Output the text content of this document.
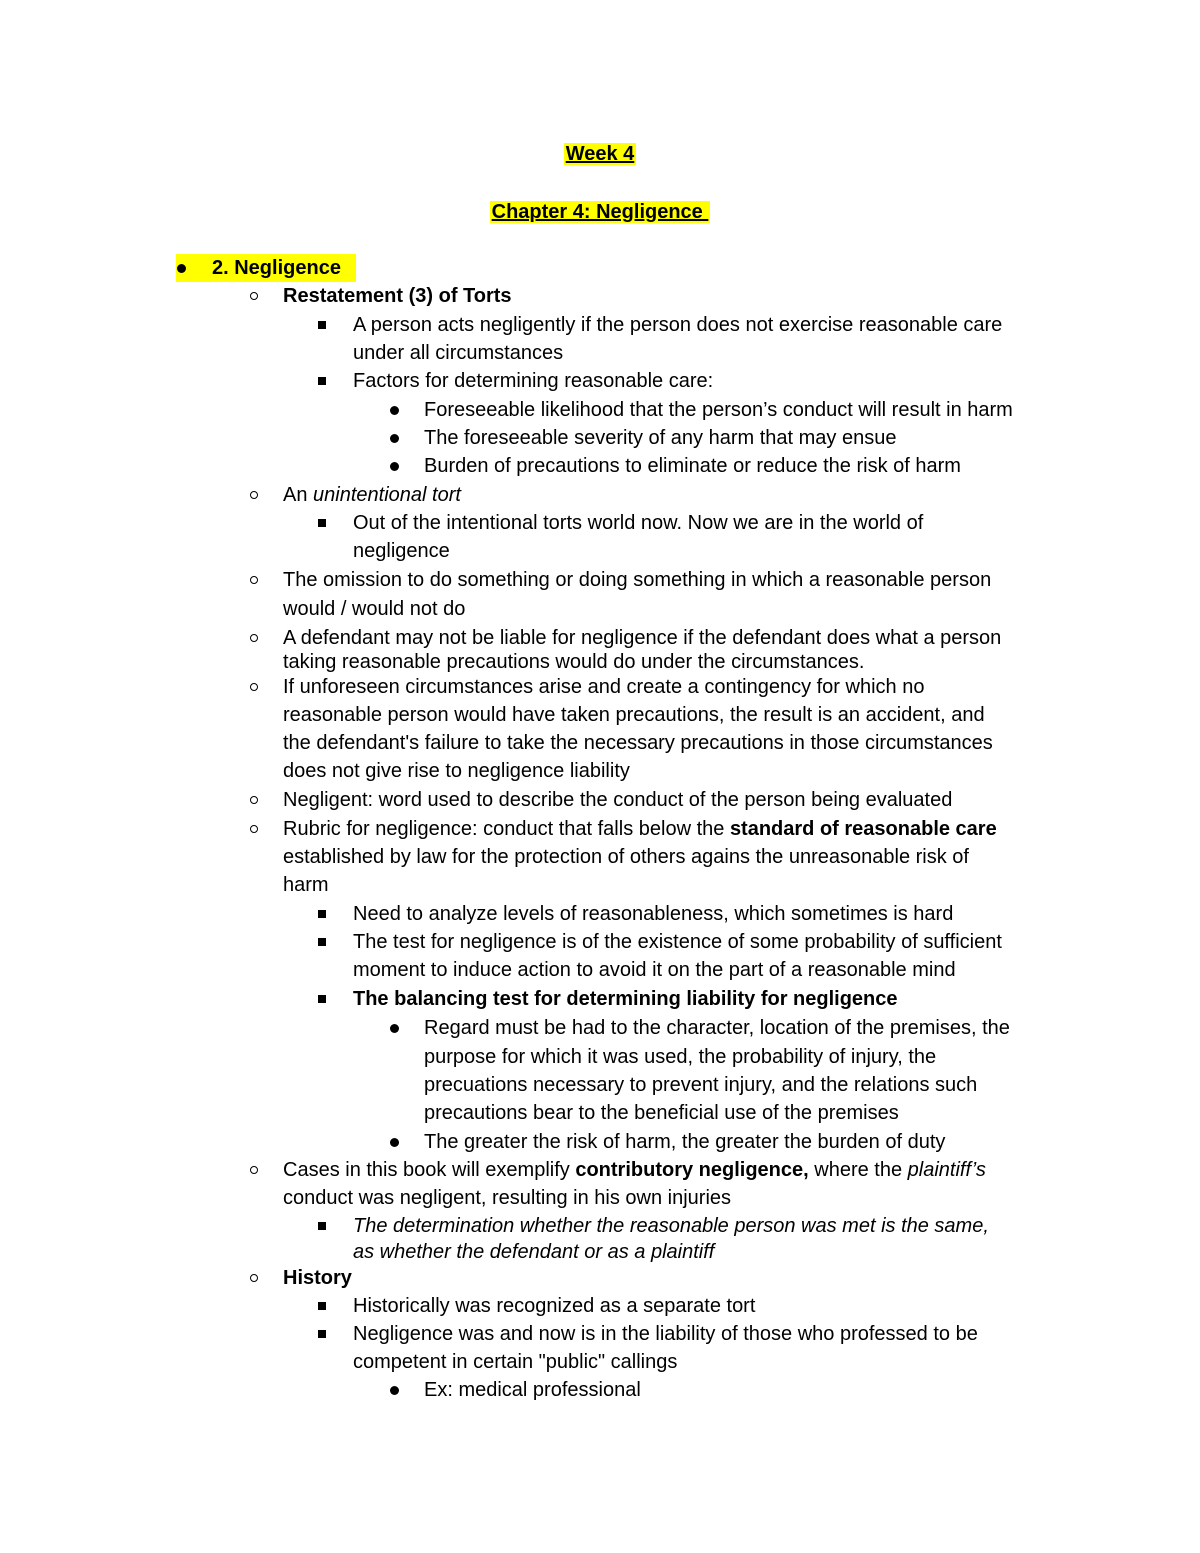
Week 4
Chapter 4: Negligence
2. Negligence
Restatement (3) of Torts
A person acts negligently if the person does not exercise reasonable care
under all circumstances
Factors for determining reasonable care:
Foreseeable likelihood that the person’s conduct will result in harm
The foreseeable severity of any harm that may ensue
Burden of precautions to eliminate or reduce the risk of harm
An unintentional tort
Out of the intentional torts world now. Now we are in the world of
negligence
The omission to do something or doing something in which a reasonable person
would / would not do
A defendant may not be liable for negligence if the defendant does what a person
taking reasonable precautions would do under the circumstances.
If unforeseen circumstances arise and create a contingency for which no
reasonable person would have taken precautions, the result is an accident, and
the defendant's failure to take the necessary precautions in those circumstances
does not give rise to negligence liability
Negligent: word used to describe the conduct of the person being evaluated
Rubric for negligence: conduct that falls below the standard of reasonable care
established by law for the protection of others agains the unreasonable risk of
harm
Need to analyze levels of reasonableness, which sometimes is hard
The test for negligence is of the existence of some probability of sufficient
moment to induce action to avoid it on the part of a reasonable mind
The balancing test for determining liability for negligence
Regard must be had to the character, location of the premises, the
purpose for which it was used, the probability of injury, the
precuations necessary to prevent injury, and the relations such
precautions bear to the beneficial use of the premises
The greater the risk of harm, the greater the burden of duty
Cases in this book will exemplify contributory negligence, where the plaintiff’s
conduct was negligent, resulting in his own injuries
The determination whether the reasonable person was met is the same,
as whether the defendant or as a plaintiff
History
Historically was recognized as a separate tort
Negligence was and now is in the liability of those who professed to be
competent in certain "public" callings
Ex: medical professional
